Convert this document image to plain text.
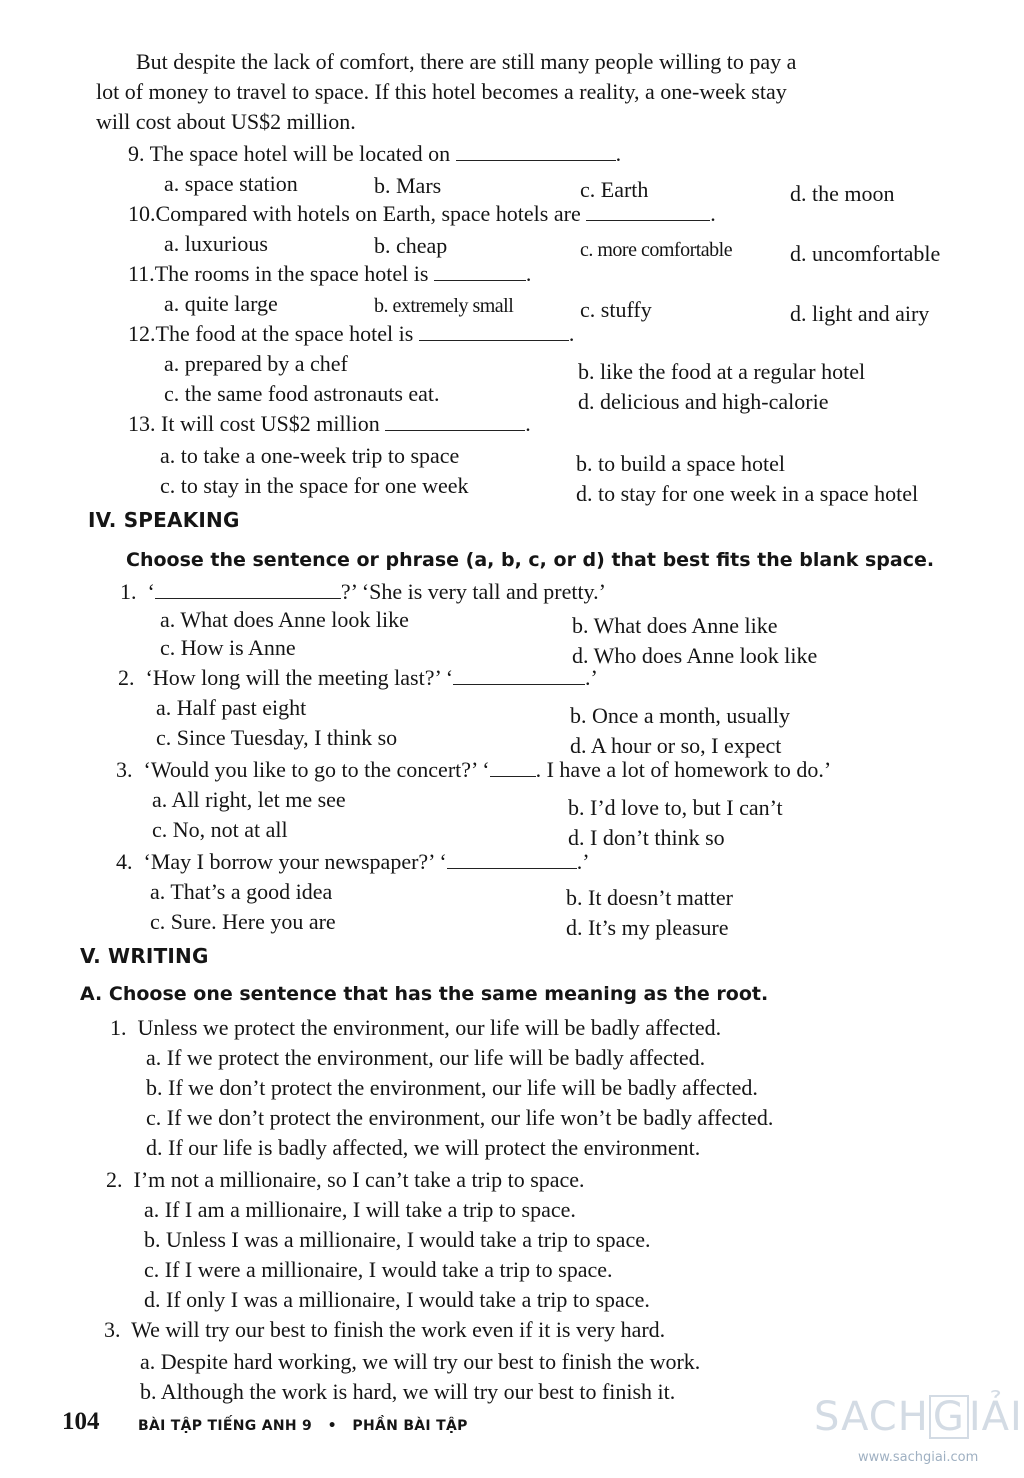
But despite the lack of comfort, there are still many people willing to pay a
lot of money to travel to space. If this hotel becomes a reality, a one-week stay
will cost about US$2 million.
9. The space hotel will be located on	.
a. space station	b. Mars	c. Earth	d. the moon
10.Compared with hotels on Earth, space hotels are	.
a. luxurious	b. cheap	c. more comfortable	d. uncomfortable
11.The rooms in the space hotel is	.
a. quite large	b. extremely small	c. stuffy	d. light and airy
12.The food at the space hotel is	.
a. prepared by a chef	b. like the food at a regular hotel
c. the same food astronauts eat.	d. delicious and high-calorie
13. It will cost US$2 million	.
a. to take a one-week trip to space	b. to build a space hotel
c. to stay in the space for one week	d. to stay for one week in a space hotel
IV. SPEAKING
Choose the sentence or phrase (a, b, c, or d) that best fits the blank space.
1. ‘	?’ ‘She is very tall and pretty.’
a. What does Anne look like	b. What does Anne like
c. How is Anne	d. Who does Anne look like
2. ‘How long will the meeting last?’ ‘	.’
a. Half past eight	b. Once a month, usually
c. Since Tuesday, I think so	d. A hour or so, I expect
3. ‘Would you like to go to the concert?’ ‘ . I have a lot of homework to do.’
a. All right, let me see	b. I’d love to, but I can’t
c. No, not at all	d. I don’t think so
4. ‘May I borrow your newspaper?’ ‘	.’
a. That’s a good idea	b. It doesn’t matter
c. Sure. Here you are	d. It’s my pleasure
V. WRITING
A. Choose one sentence that has the same meaning as the root.
1. Unless we protect the environment, our life will be badly affected.
a. If we protect the environment, our life will be badly affected.
b. If we don’t protect the environment, our life will be badly affected.
c. If we don’t protect the environment, our life won’t be badly affected.
d. If our life is badly affected, we will protect the environment.
2. I’m not a millionaire, so I can’t take a trip to space.
a. If I am a millionaire, I will take a trip to space.
b. Unless I was a millionaire, I would take a trip to space.
c. If I were a millionaire, I would take a trip to space.
d. If only I was a millionaire, I would take a trip to space.
3. We will try our best to finish the work even if it is very hard.
a. Despite hard working, we will try our best to finish the work.
b. Although the work is hard, we will try our best to finish it.
104	BÀI TẬP TIẾNG ANH 9 • PHẦN BÀI TẬP	SACH G IẢI
www.sachgiai.com
